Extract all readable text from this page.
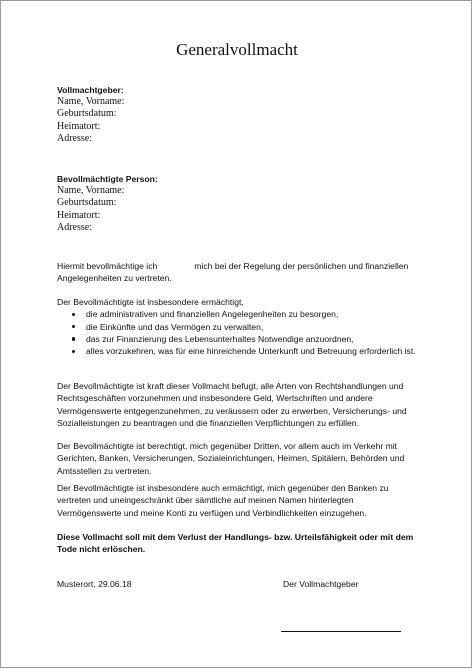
Generalvollmacht
Vollmachtgeber:
Name, Vorname:
Geburtsdatum:
Heimatort:
Adresse:
Bevollmächtigte Person:
Name, Vorname:
Geburtsdatum:
Heimatort:
Adresse:
Hiermit bevollmächtige ich	mich bei der Regelung der persönlichen und finanziellen
Angelegenheiten zu vertreten.
Der Bevollmächtigte ist insbesondere ermächtigt,
die administrativen und finanziellen Angelegenheiten zu besorgen,
die Einkünfte und das Vermögen zu verwalten,
das zur Finanzierung des Lebensunterhaltes Notwendige anzuordnen,
alles vorzukehren, was für eine hinreichende Unterkunft und Betreuung erforderlich ist.
Der Bevollmächtigte ist kraft dieser Vollmacht befugt, alle Arten von Rechtshandlungen und
Rechtsgeschäften vorzunehmen und insbesondere Geld, Wertschriften und andere
Vermögenswerte entgegenzunehmen, zu veräussern oder zu erwerben, Versicherungs- und
Sozialleistungen zu beantragen und die finanziellen Verpflichtungen zu erfüllen.
Der Bevollmächtigte ist berechtigt, mich gegenüber Dritten, vor allem auch im Verkehr mit
Gerichten, Banken, Versicherungen, Sozialeinrichtungen, Heimen, Spitälern, Behörden und
Amtsstellen zu vertreten.
Der Bevollmächtigte ist insbesondere auch ermächtigt, mich gegenüber den Banken zu
vertreten und uneingeschränkt über sämtliche auf meinen Namen hinterlegten
Vermögenswerte und meine Konti zu verfügen und Verbindlichkeiten einzugehen.
Diese Vollmacht soll mit dem Verlust der Handlungs- bzw. Urteilsfähigkeit oder mit dem
Tode nicht erlöschen.
Musterort, 29.06.18	Der Vollmachtgeber
